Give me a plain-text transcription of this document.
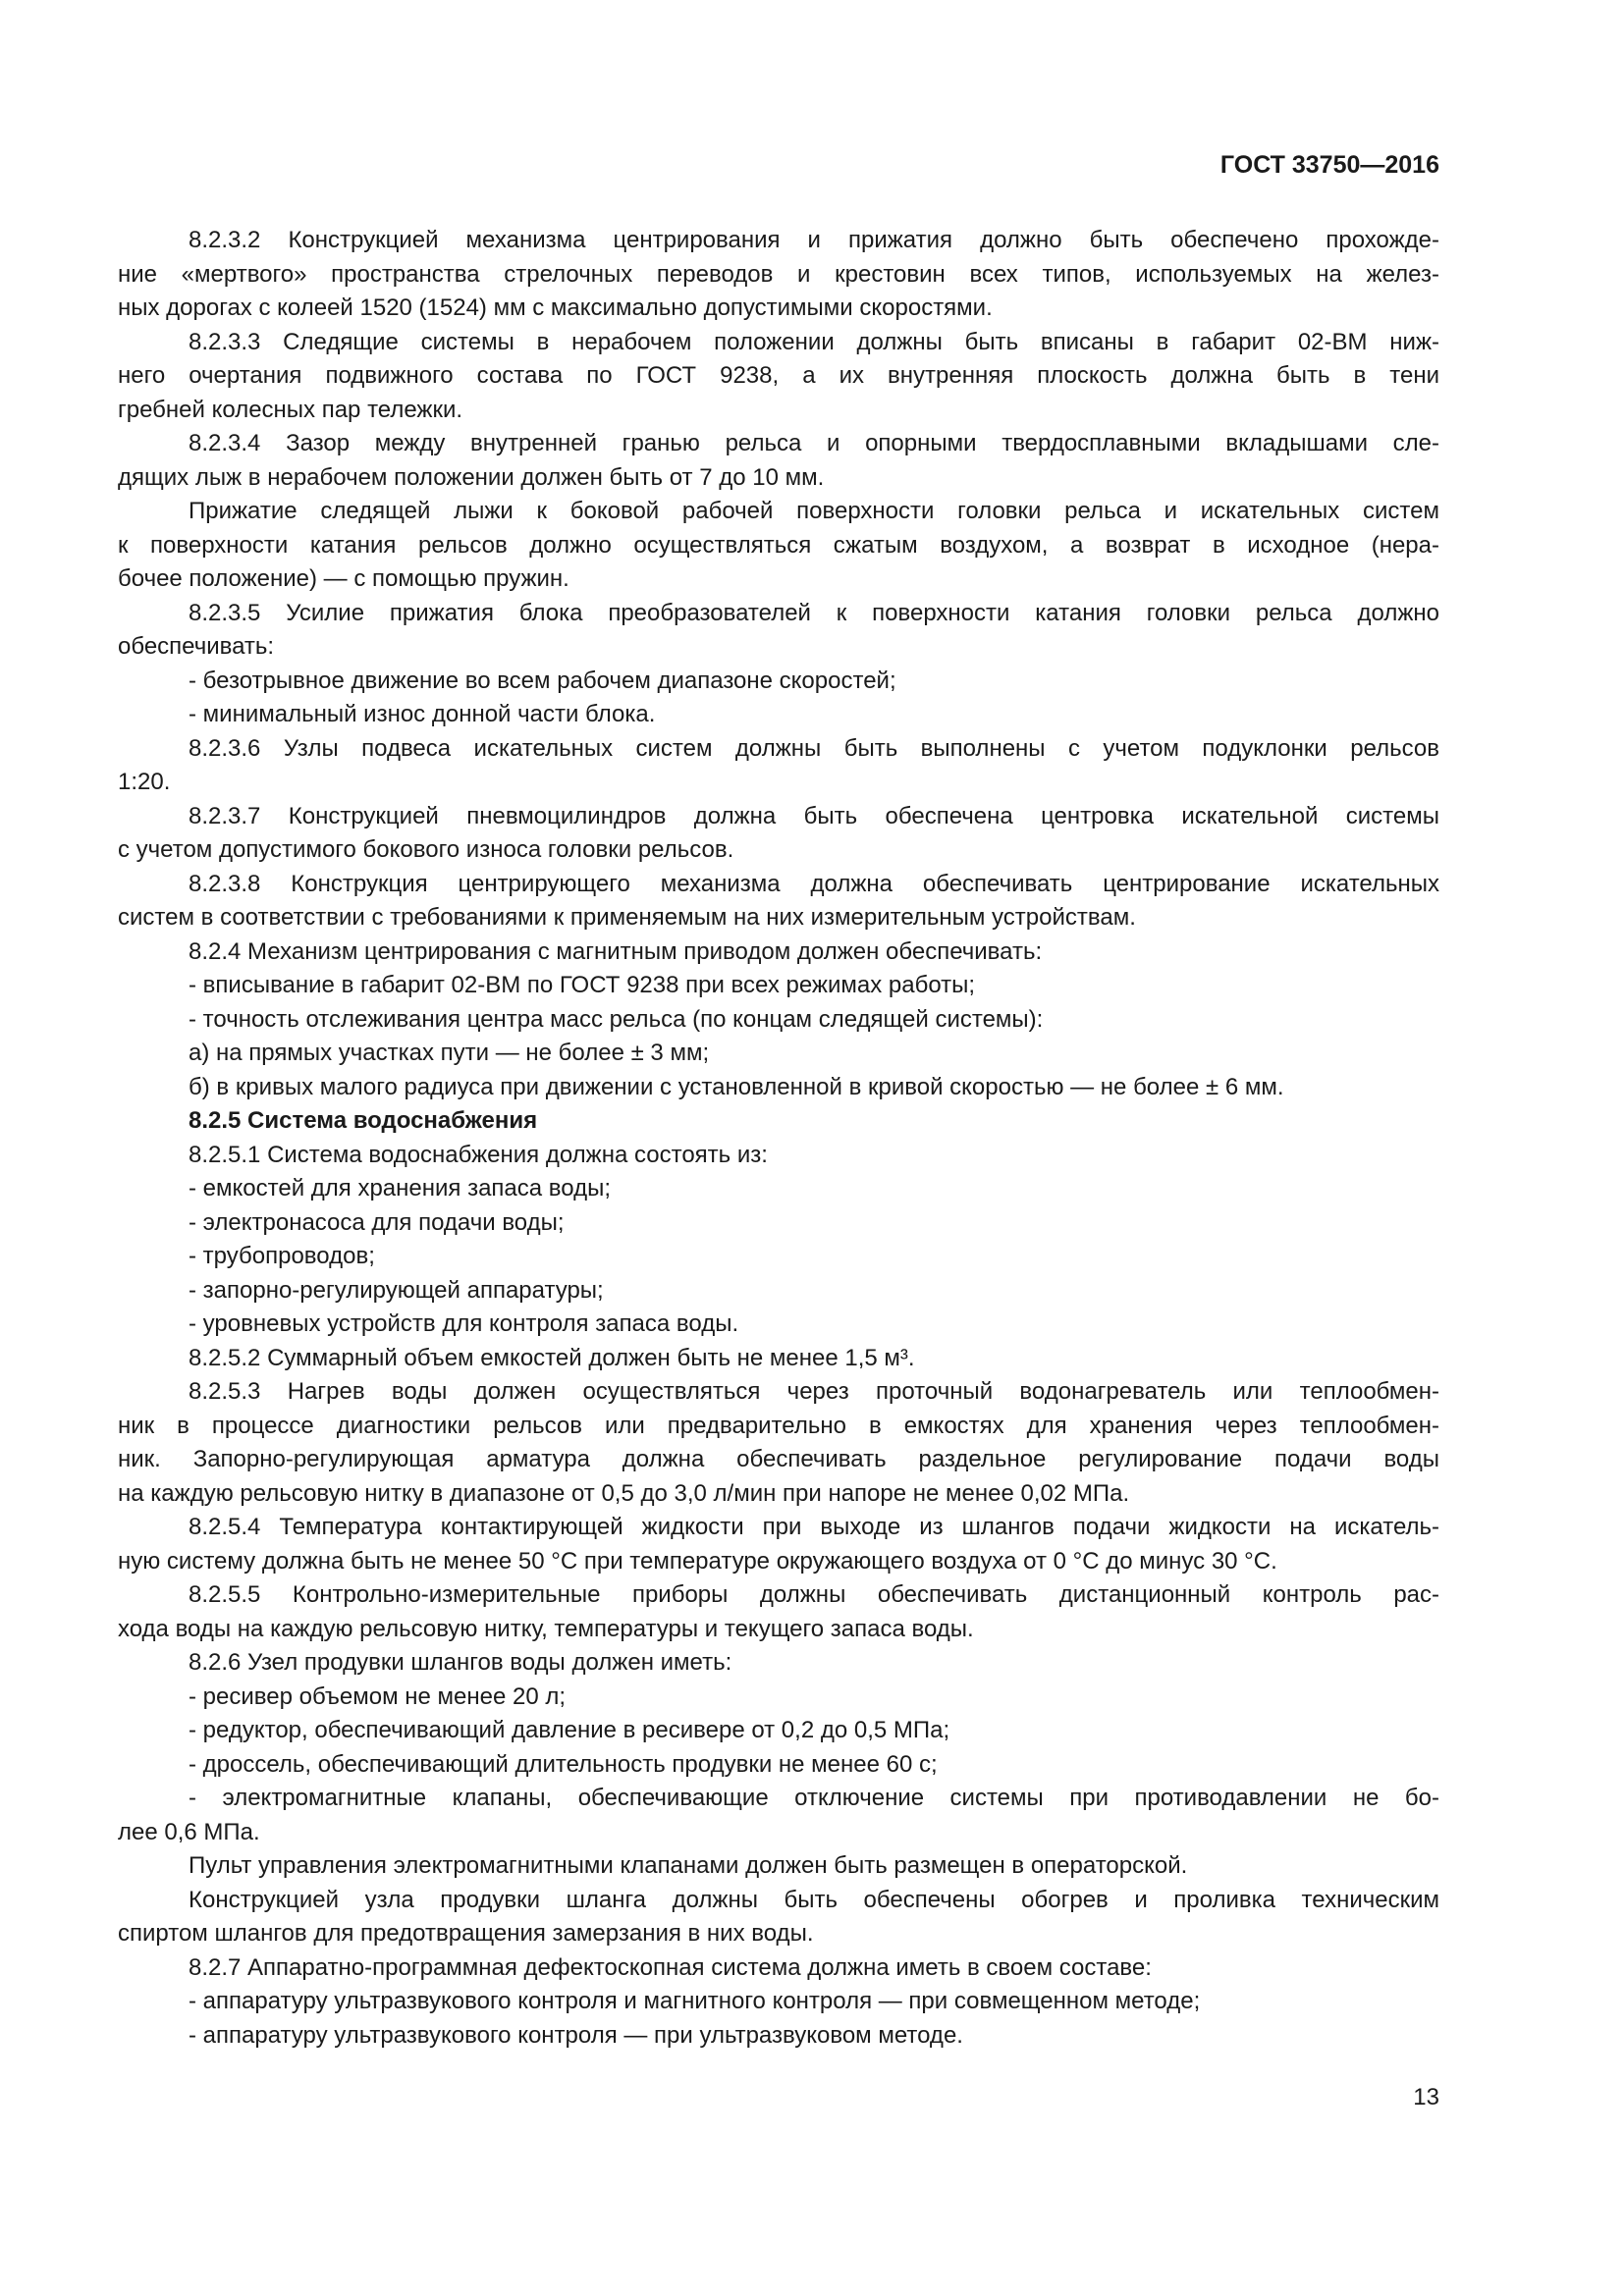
ГОСТ 33750—2016
8.2.3.2 Конструкцией механизма центрирования и прижатия должно быть обеспечено прохожде-
ние «мертвого» пространства стрелочных переводов и крестовин всех типов, используемых на желез-
ных дорогах с колеей 1520 (1524) мм с максимально допустимыми скоростями.
8.2.3.3 Следящие системы в нерабочем положении должны быть вписаны в габарит 02-ВМ ниж-
него очертания подвижного состава по ГОСТ 9238, а их внутренняя плоскость должна быть в тени
гребней колесных пар тележки.
8.2.3.4 Зазор между внутренней гранью рельса и опорными твердосплавными вкладышами сле-
дящих лыж в нерабочем положении должен быть от 7 до 10 мм.
Прижатие следящей лыжи к боковой рабочей поверхности головки рельса и искательных систем
к поверхности катания рельсов должно осуществляться сжатым воздухом, а возврат в исходное (нера-
бочее положение) — с помощью пружин.
8.2.3.5 Усилие прижатия блока преобразователей к поверхности катания головки рельса должно
обеспечивать:
- безотрывное движение во всем рабочем диапазоне скоростей;
- минимальный износ донной части блока.
8.2.3.6 Узлы подвеса искательных систем должны быть выполнены с учетом подуклонки рельсов
1:20.
8.2.3.7 Конструкцией пневмоцилиндров должна быть обеспечена центровка искательной системы
с учетом допустимого бокового износа головки рельсов.
8.2.3.8 Конструкция центрирующего механизма должна обеспечивать центрирование искательных
систем в соответствии с требованиями к применяемым на них измерительным устройствам.
8.2.4 Механизм центрирования с магнитным приводом должен обеспечивать:
- вписывание в габарит 02-ВМ по ГОСТ 9238 при всех режимах работы;
- точность отслеживания центра масс рельса (по концам следящей системы):
а) на прямых участках пути — не более ± 3 мм;
б) в кривых малого радиуса при движении с установленной в кривой скоростью — не более ± 6 мм.
8.2.5 Система водоснабжения
8.2.5.1 Система водоснабжения должна состоять из:
- емкостей для хранения запаса воды;
- электронасоса для подачи воды;
- трубопроводов;
- запорно-регулирующей аппаратуры;
- уровневых устройств для контроля запаса воды.
8.2.5.2 Суммарный объем емкостей должен быть не менее 1,5 м³.
8.2.5.3 Нагрев воды должен осуществляться через проточный водонагреватель или теплообмен-
ник в процессе диагностики рельсов или предварительно в емкостях для хранения через теплообмен-
ник. Запорно-регулирующая арматура должна обеспечивать раздельное регулирование подачи воды
на каждую рельсовую нитку в диапазоне от 0,5 до 3,0 л/мин при напоре не менее 0,02 МПа.
8.2.5.4 Температура контактирующей жидкости при выходе из шлангов подачи жидкости на искатель-
ную систему должна быть не менее 50 °С при температуре окружающего воздуха от 0 °С до минус 30 °С.
8.2.5.5 Контрольно-измерительные приборы должны обеспечивать дистанционный контроль рас-
хода воды на каждую рельсовую нитку, температуры и текущего запаса воды.
8.2.6 Узел продувки шлангов воды должен иметь:
- ресивер объемом не менее 20 л;
- редуктор, обеспечивающий давление в ресивере от 0,2 до 0,5 МПа;
- дроссель, обеспечивающий длительность продувки не менее 60 с;
- электромагнитные клапаны, обеспечивающие отключение системы при противодавлении не бо-
лее 0,6 МПа.
Пульт управления электромагнитными клапанами должен быть размещен в операторской.
Конструкцией узла продувки шланга должны быть обеспечены обогрев и проливка техническим
спиртом шлангов для предотвращения замерзания в них воды.
8.2.7 Аппаратно-программная дефектоскопная система должна иметь в своем составе:
- аппаратуру ультразвукового контроля и магнитного контроля — при совмещенном методе;
- аппаратуру ультразвукового контроля — при ультразвуковом методе.
13
